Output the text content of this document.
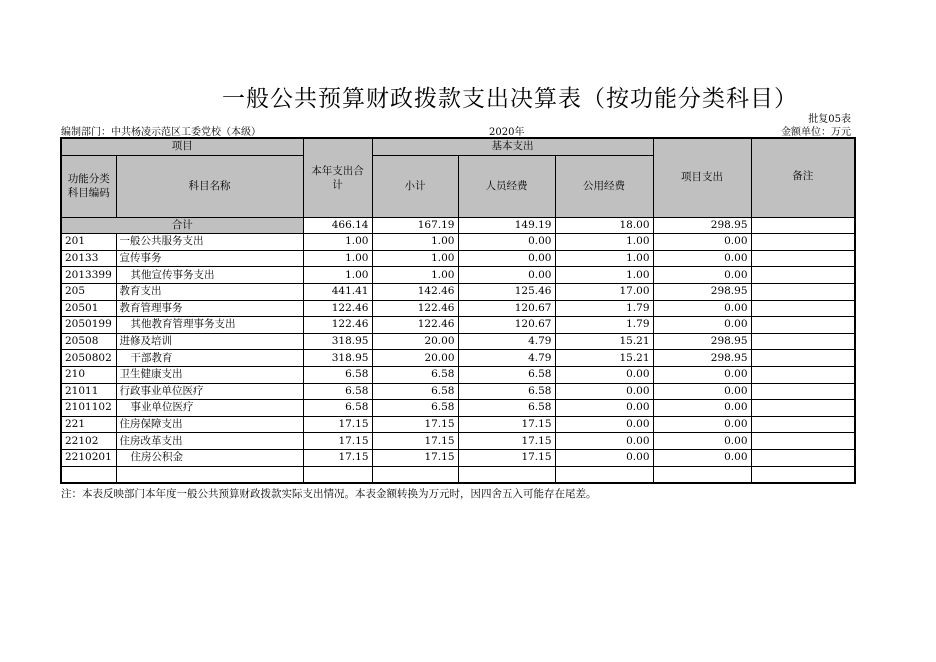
一般公共预算财政拨款支出决算表（按功能分类科目）
批复05表
编制部门：中共杨凌示范区工委党校（本级）	2020年	金额单位：万元
项目		本年支出合计	基本支出			项目支出	备注
功能分类科目编码	科目名称		小计	人员经费	公用经费		

合计		466.14	167.19	149.19	18.00	298.95	
201	一般公共服务支出	1.00	1.00	0.00	1.00	0.00	
20133	宣传事务	1.00	1.00	0.00	1.00	0.00	
2013399	其他宣传事务支出	1.00	1.00	0.00	1.00	0.00	
205	教育支出	441.41	142.46	125.46	17.00	298.95	
20501	教育管理事务	122.46	122.46	120.67	1.79	0.00	
2050199	其他教育管理事务支出	122.46	122.46	120.67	1.79	0.00	
20508	进修及培训	318.95	20.00	4.79	15.21	298.95	
2050802	干部教育	318.95	20.00	4.79	15.21	298.95	
210	卫生健康支出	6.58	6.58	6.58	0.00	0.00	
21011	行政事业单位医疗	6.58	6.58	6.58	0.00	0.00	
2101102	事业单位医疗	6.58	6.58	6.58	0.00	0.00	
221	住房保障支出	17.15	17.15	17.15	0.00	0.00	
22102	住房改革支出	17.15	17.15	17.15	0.00	0.00	
2210201	住房公积金	17.15	17.15	17.15	0.00	0.00	

注：本表反映部门本年度一般公共预算财政拨款实际支出情况。本表金额转换为万元时，因四舍五入可能存在尾差。
